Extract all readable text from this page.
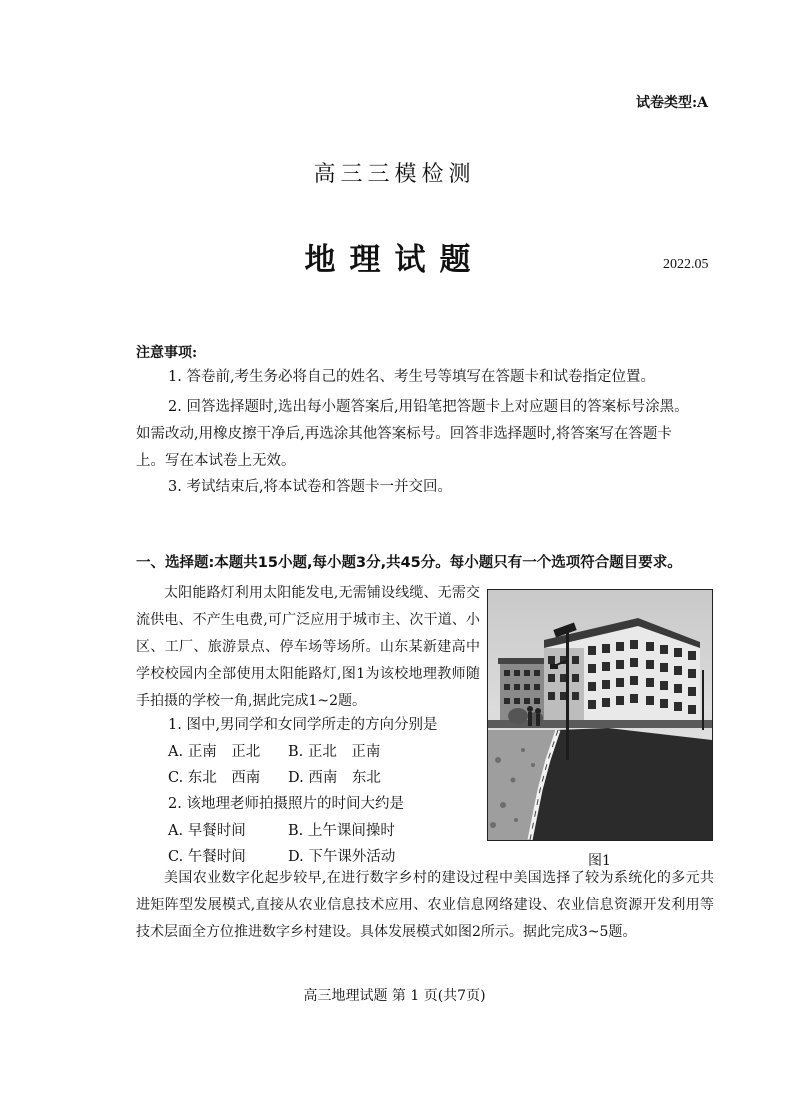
试卷类型:A
高三三模检测
地理试题	2022.05
注意事项:
1. 答卷前,考生务必将自己的姓名、考生号等填写在答题卡和试卷指定位置。
2. 回答选择题时,选出每小题答案后,用铅笔把答题卡上对应题目的答案标号涂黑。
如需改动,用橡皮擦干净后,再选涂其他答案标号。回答非选择题时,将答案写在答题卡
上。写在本试卷上无效。
3. 考试结束后,将本试卷和答题卡一并交回。
一、选择题:本题共15小题,每小题3分,共45分。每小题只有一个选项符合题目要求。
太阳能路灯利用太阳能发电,无需铺设线缆、无需交流供电、不产生电费,可广泛应用于城市主、次干道、小区、工厂、旅游景点、停车场等场所。山东某新建高中学校校园内全部使用太阳能路灯,图1为该校地理教师随手拍摄的学校一角,据此完成1~2题。
1. 图中,男同学和女同学所走的方向分别是
A. 正南　正北 B. 正北　正南
C. 东北　西南 D. 西南　东北
2. 该地理老师拍摄照片的时间大约是
A. 早餐时间	B. 上午课间操时
C. 午餐时间	D. 下午课外活动	图1
美国农业数字化起步较早,在进行数字乡村的建设过程中美国选择了较为系统化的多元共进矩阵型发展模式,直接从农业信息技术应用、农业信息网络建设、农业信息资源开发利用等技术层面全方位推进数字乡村建设。具体发展模式如图2所示。据此完成3~5题。
高三地理试题 第 1 页(共7页)
